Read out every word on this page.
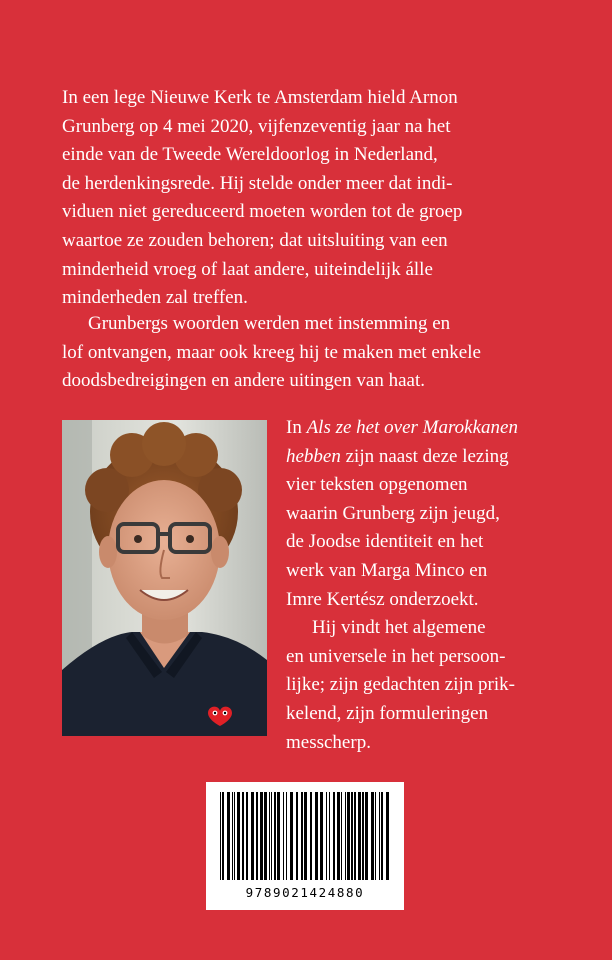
In een lege Nieuwe Kerk te Amsterdam hield Arnon
Grunberg op 4 mei 2020, vijfenzeventig jaar na het
einde van de Tweede Wereldoorlog in Nederland,
de herdenkingsrede. Hij stelde onder meer dat indi-
viduen niet gereduceerd moeten worden tot de groep
waartoe ze zouden behoren; dat uitsluiting van een
minderheid vroeg of laat andere, uiteindelijk álle
minderheden zal treffen.

Grunbergs woorden werden met instemming en
lof ontvangen, maar ook kreeg hij te maken met enkele
doodsbedreigingen en andere uitingen van haat.

In Als ze het over Marokkanen
hebben zijn naast deze lezing
vier teksten opgenomen
waarin Grunberg zijn jeugd,
de Joodse identiteit en het
werk van Marga Minco en
Imre Kertész onderzoekt.
Hij vindt het algemene
en universele in het persoon-
lijke; zijn gedachten zijn prik-
kelend, zijn formuleringen
messcherp.
9789021424880
